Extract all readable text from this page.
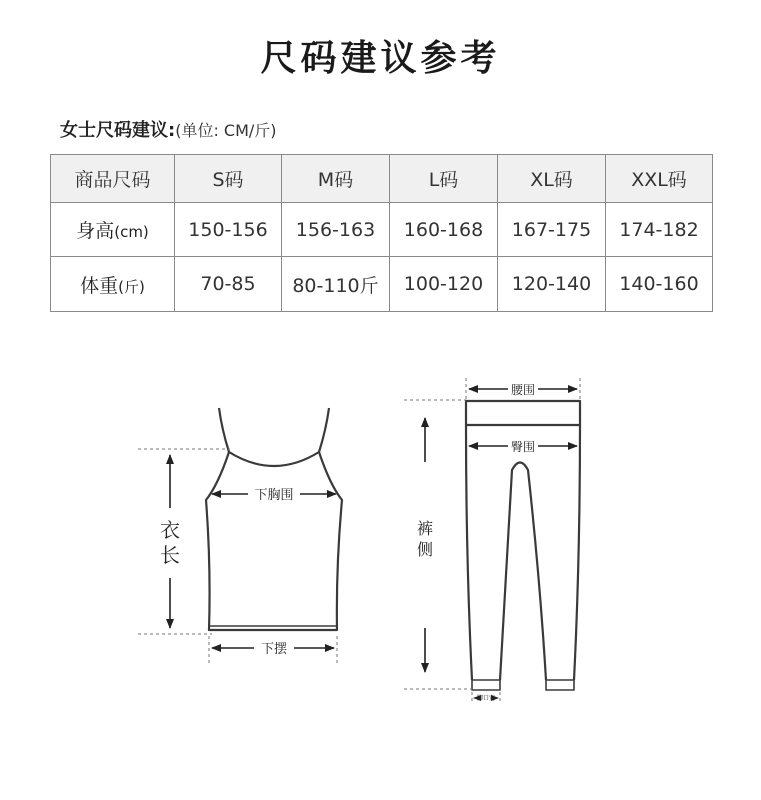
尺码建议参考
女士尺码建议:(单位: CM/斤)
商品尺码	S码	M码	L码	XL码	XXL码
身高(cm)	150-156	156-163	160-168	167-175	174-182
体重(斤)	70-85	80-110斤	100-120	120-140	140-160
衣
长
下胸围
下摆
腰围
臀围
裤
侧
脚口宽
